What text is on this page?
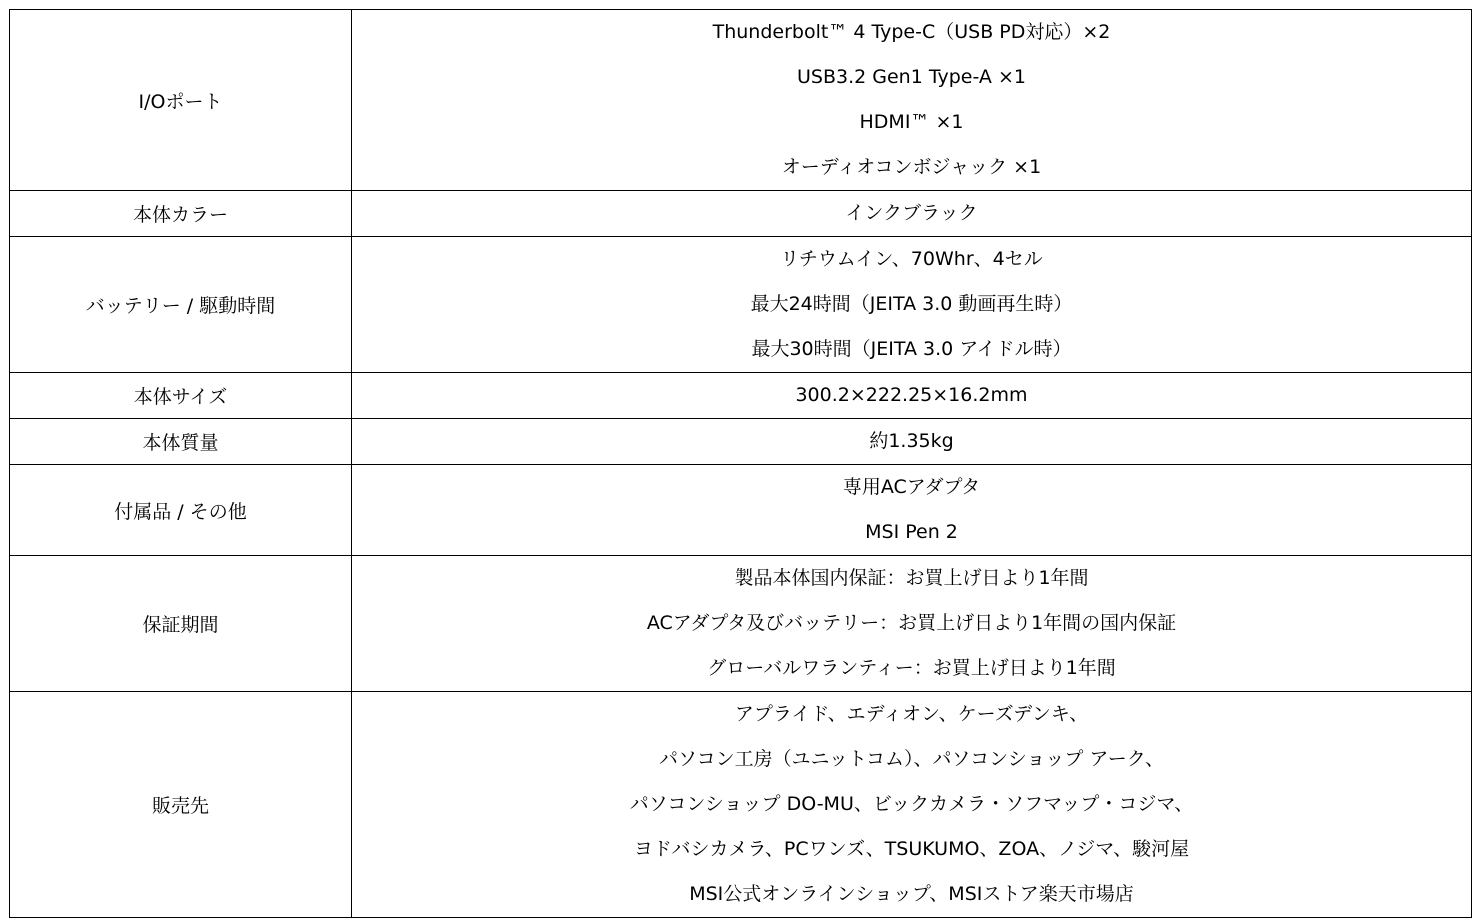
I/Oポート	Thunderbolt™ 4 Type-C（USB PD対応）×2
USB3.2 Gen1 Type-A ×1
HDMI™ ×1
オーディオコンボジャック ×1

本体カラー	インクブラック

バッテリー / 駆動時間	リチウムイン、70Whr、4セル
最大24時間（JEITA 3.0 動画再生時）
最大30時間（JEITA 3.0 アイドル時）

本体サイズ	300.2×222.25×16.2mm

本体質量	約1.35kg

付属品 / その他	専用ACアダプタ
MSI Pen 2

保証期間	製品本体国内保証：お買上げ日より1年間
ACアダプタ及びバッテリー：お買上げ日より1年間の国内保証
グローバルワランティー：お買上げ日より1年間

販売先	アプライド、エディオン、ケーズデンキ、
パソコン工房（ユニットコム）、パソコンショップ アーク、
パソコンショップ DO-MU、ビックカメラ・ソフマップ・コジマ、
ヨドバシカメラ、PCワンズ、TSUKUMO、ZOA、ノジマ、駿河屋
MSI公式オンラインショップ、MSIストア楽天市場店
